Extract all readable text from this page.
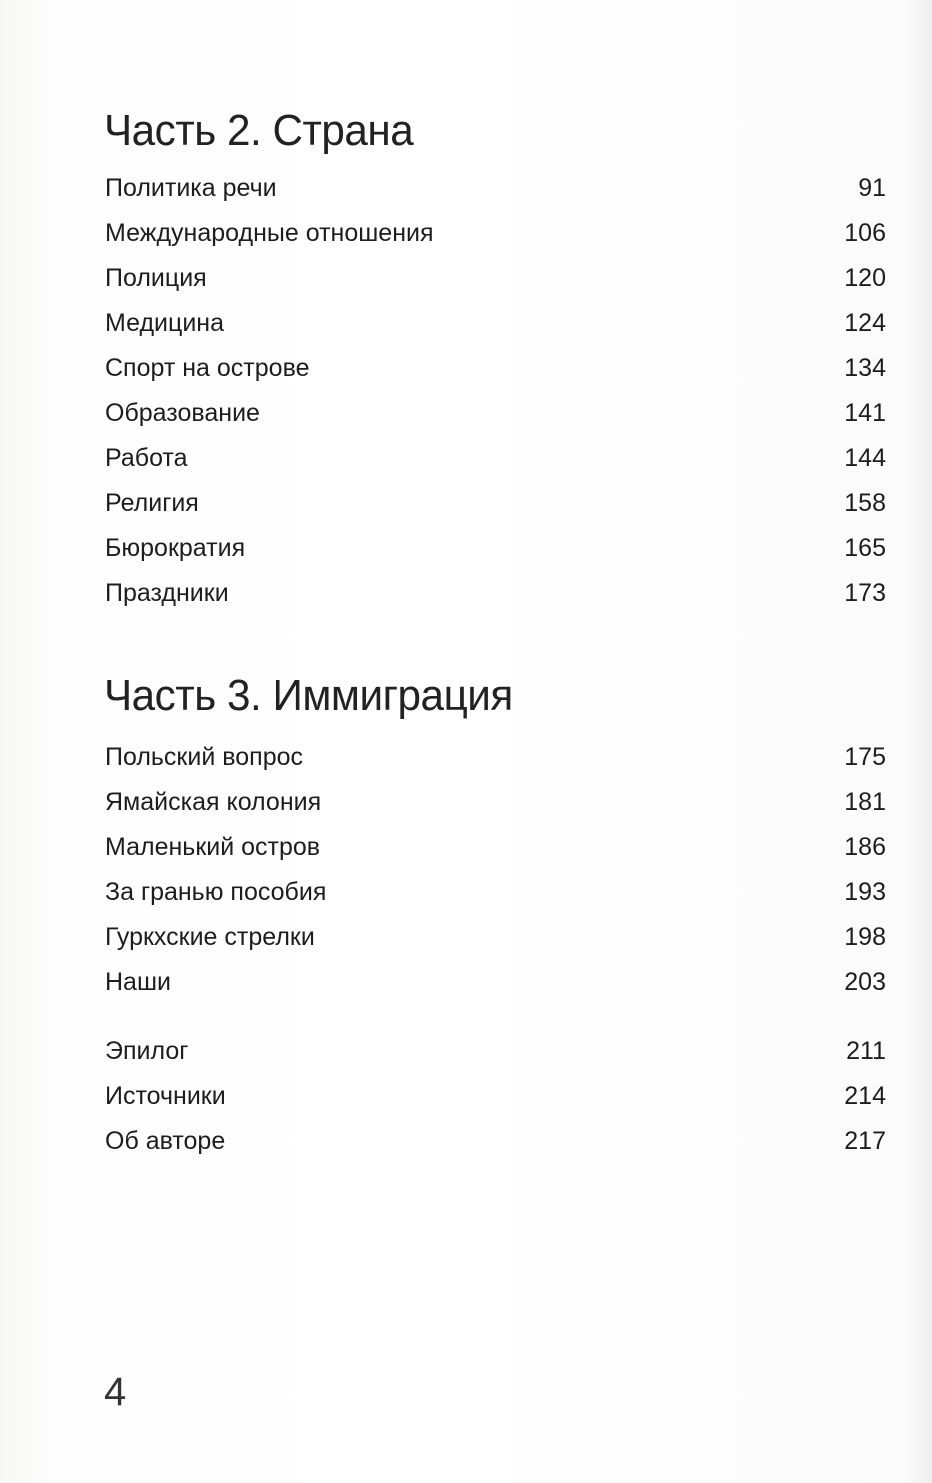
Часть 2. Страна
Политика речи	91
Международные отношения	106
Полиция	120
Медицина	124
Спорт на острове	134
Образование	141
Работа	144
Религия	158
Бюрократия	165
Праздники	173
Часть 3. Иммиграция
Польский вопрос	175
Ямайская колония	181
Маленький остров	186
За гранью пособия	193
Гуркхские стрелки	198
Наши	203
Эпилог	211
Источники	214
Об авторе	217
4
